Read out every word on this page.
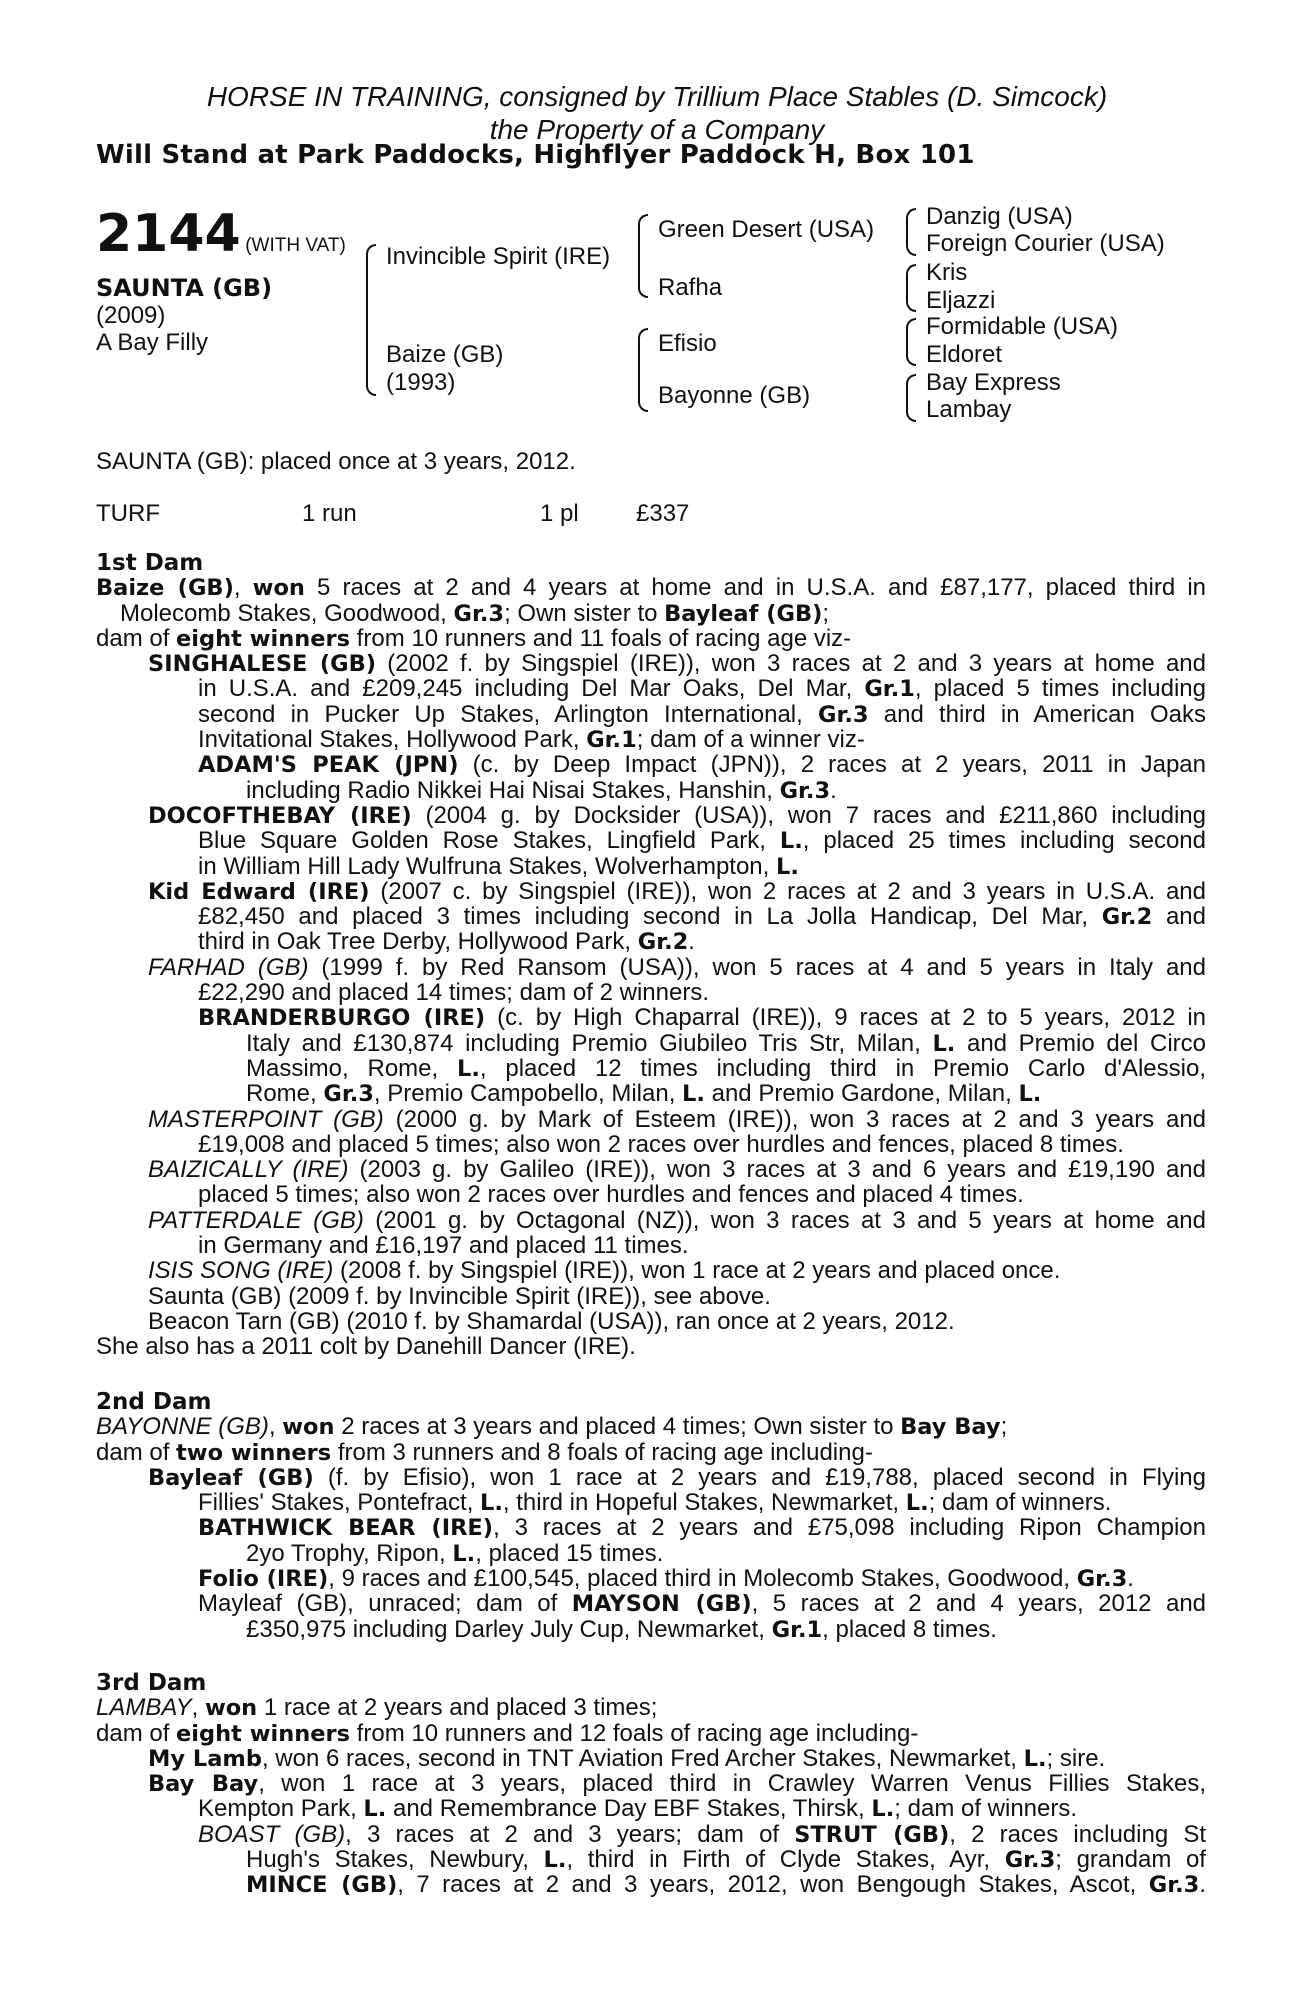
HORSE IN TRAINING, consigned by Trillium Place Stables (D. Simcock)
the Property of a Company
Will Stand at Park Paddocks, Highflyer Paddock H, Box 101
2144 (WITH VAT)
SAUNTA (GB)
(2009)
A Bay Filly
Invincible Spirit (IRE)
Baize (GB)
(1993)
Green Desert (USA)
Rafha
Efisio
Bayonne (GB)
Danzig (USA)
Foreign Courier (USA)
Kris
Eljazzi
Formidable (USA)
Eldoret
Bay Express
Lambay
SAUNTA (GB): placed once at 3 years, 2012.
TURF	1 run	1 pl £337
1st Dam
Baize (GB), won 5 races at 2 and 4 years at home and in U.S.A. and £87,177, placed third in
Molecomb Stakes, Goodwood, Gr.3; Own sister to Bayleaf (GB);
dam of eight winners from 10 runners and 11 foals of racing age viz-
SINGHALESE (GB) (2002 f. by Singspiel (IRE)), won 3 races at 2 and 3 years at home and
in U.S.A. and £209,245 including Del Mar Oaks, Del Mar, Gr.1, placed 5 times including
second in Pucker Up Stakes, Arlington International, Gr.3 and third in American Oaks
Invitational Stakes, Hollywood Park, Gr.1; dam of a winner viz-
ADAM'S PEAK (JPN) (c. by Deep Impact (JPN)), 2 races at 2 years, 2011 in Japan
including Radio Nikkei Hai Nisai Stakes, Hanshin, Gr.3.
DOCOFTHEBAY (IRE) (2004 g. by Docksider (USA)), won 7 races and £211,860 including
Blue Square Golden Rose Stakes, Lingfield Park, L., placed 25 times including second
in William Hill Lady Wulfruna Stakes, Wolverhampton, L.
Kid Edward (IRE) (2007 c. by Singspiel (IRE)), won 2 races at 2 and 3 years in U.S.A. and
£82,450 and placed 3 times including second in La Jolla Handicap, Del Mar, Gr.2 and
third in Oak Tree Derby, Hollywood Park, Gr.2.
FARHAD (GB) (1999 f. by Red Ransom (USA)), won 5 races at 4 and 5 years in Italy and
£22,290 and placed 14 times; dam of 2 winners.
BRANDERBURGO (IRE) (c. by High Chaparral (IRE)), 9 races at 2 to 5 years, 2012 in
Italy and £130,874 including Premio Giubileo Tris Str, Milan, L. and Premio del Circo
Massimo, Rome, L., placed 12 times including third in Premio Carlo d'Alessio,
Rome, Gr.3, Premio Campobello, Milan, L. and Premio Gardone, Milan, L.
MASTERPOINT (GB) (2000 g. by Mark of Esteem (IRE)), won 3 races at 2 and 3 years and
£19,008 and placed 5 times; also won 2 races over hurdles and fences, placed 8 times.
BAIZICALLY (IRE) (2003 g. by Galileo (IRE)), won 3 races at 3 and 6 years and £19,190 and
placed 5 times; also won 2 races over hurdles and fences and placed 4 times.
PATTERDALE (GB) (2001 g. by Octagonal (NZ)), won 3 races at 3 and 5 years at home and
in Germany and £16,197 and placed 11 times.
ISIS SONG (IRE) (2008 f. by Singspiel (IRE)), won 1 race at 2 years and placed once.
Saunta (GB) (2009 f. by Invincible Spirit (IRE)), see above.
Beacon Tarn (GB) (2010 f. by Shamardal (USA)), ran once at 2 years, 2012.
She also has a 2011 colt by Danehill Dancer (IRE).
2nd Dam
BAYONNE (GB), won 2 races at 3 years and placed 4 times; Own sister to Bay Bay;
dam of two winners from 3 runners and 8 foals of racing age including-
Bayleaf (GB) (f. by Efisio), won 1 race at 2 years and £19,788, placed second in Flying
Fillies' Stakes, Pontefract, L., third in Hopeful Stakes, Newmarket, L.; dam of winners.
BATHWICK BEAR (IRE), 3 races at 2 years and £75,098 including Ripon Champion
2yo Trophy, Ripon, L., placed 15 times.
Folio (IRE), 9 races and £100,545, placed third in Molecomb Stakes, Goodwood, Gr.3.
Mayleaf (GB), unraced; dam of MAYSON (GB), 5 races at 2 and 4 years, 2012 and
£350,975 including Darley July Cup, Newmarket, Gr.1, placed 8 times.
3rd Dam
LAMBAY, won 1 race at 2 years and placed 3 times;
dam of eight winners from 10 runners and 12 foals of racing age including-
My Lamb, won 6 races, second in TNT Aviation Fred Archer Stakes, Newmarket, L.; sire.
Bay Bay, won 1 race at 3 years, placed third in Crawley Warren Venus Fillies Stakes,
Kempton Park, L. and Remembrance Day EBF Stakes, Thirsk, L.; dam of winners.
BOAST (GB), 3 races at 2 and 3 years; dam of STRUT (GB), 2 races including St
Hugh's Stakes, Newbury, L., third in Firth of Clyde Stakes, Ayr, Gr.3; grandam of
MINCE (GB), 7 races at 2 and 3 years, 2012, won Bengough Stakes, Ascot, Gr.3.
